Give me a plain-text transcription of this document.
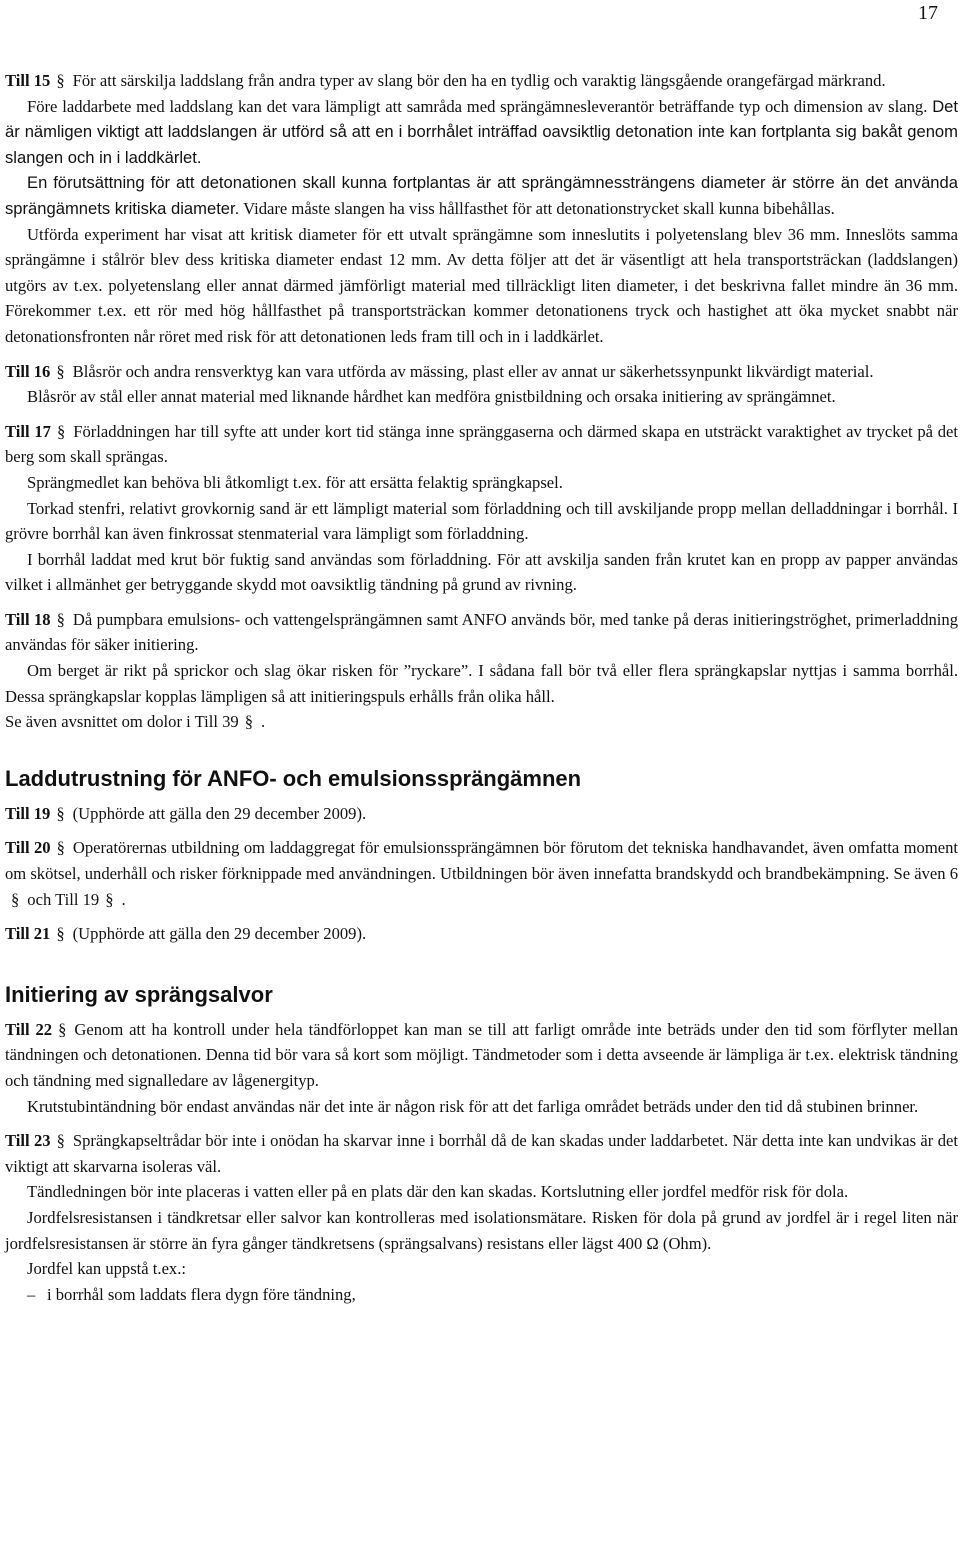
17

Till 15 § För att särskilja laddslang från andra typer av slang bör den ha en tydlig och varaktig längsgående orangefärgad märkrand.

Före laddarbete med laddslang kan det vara lämpligt att samråda med sprängämnesleverantör beträffande typ och dimension av slang. Det är nämligen viktigt att laddslangen är utförd så att en i borrhålet inträffad oavsiktlig detonation inte kan fortplanta sig bakåt genom slangen och in i laddkärlet.

En förutsättning för att detonationen skall kunna fortplantas är att sprängämnessträngens diameter är större än det använda sprängämnets kritiska diameter. Vidare måste slangen ha viss hållfasthet för att detonationstrycket skall kunna bibehållas.

Utförda experiment har visat att kritisk diameter för ett utvalt sprängämne som inneslutits i polyetenslang blev 36 mm. Inneslöts samma sprängämne i stålrör blev dess kritiska diameter endast 12 mm. Av detta följer att det är väsentligt att hela transportsträckan (laddslangen) utgörs av t.ex. polyetenslang eller annat därmed jämförligt material med tillräckligt liten diameter, i det beskrivna fallet mindre än 36 mm. Förekommer t.ex. ett rör med hög hållfasthet på transportsträckan kommer detonationens tryck och hastighet att öka mycket snabbt när detonationsfronten når röret med risk för att detonationen leds fram till och in i laddkärlet.

Till 16 § Blåsrör och andra rensverktyg kan vara utförda av mässing, plast eller av annat ur säkerhetssynpunkt likvärdigt material.

Blåsrör av stål eller annat material med liknande hårdhet kan medföra gnistbildning och orsaka initiering av sprängämnet.

Till 17 § Förladdningen har till syfte att under kort tid stänga inne spränggaserna och därmed skapa en utsträckt varaktighet av trycket på det berg som skall sprängas.

Sprängmedlet kan behöva bli åtkomligt t.ex. för att ersätta felaktig sprängkapsel.

Torkad stenfri, relativt grovkornig sand är ett lämpligt material som förladdning och till avskiljande propp mellan delladdningar i borrhål. I grövre borrhål kan även finkrossat stenmaterial vara lämpligt som förladdning.

I borrhål laddat med krut bör fuktig sand användas som förladdning. För att avskilja sanden från krutet kan en propp av papper användas vilket i allmänhet ger betryggande skydd mot oavsiktlig tändning på grund av rivning.

Till 18 § Då pumpbara emulsions- och vattengelsprängämnen samt ANFO används bör, med tanke på deras initieringströghet, primerladdning användas för säker initiering.

Om berget är rikt på sprickor och slag ökar risken för ”ryckare”. I sådana fall bör två eller flera sprängkapslar nyttjas i samma borrhål. Dessa sprängkapslar kopplas lämpligen så att initieringspuls erhålls från olika håll.

Se även avsnittet om dolor i Till 39 § .

Laddutrustning för ANFO- och emulsionssprängämnen

Till 19 § (Upphörde att gälla den 29 december 2009).

Till 20 § Operatörernas utbildning om laddaggregat för emulsionssprängämnen bör förutom det tekniska handhavandet, även omfatta moment om skötsel, underhåll och risker förknippade med användningen. Utbildningen bör även innefatta brandskydd och brandbekämpning. Se även 6§ och Till 19 § .

Till 21 § (Upphörde att gälla den 29 december 2009).

Initiering av sprängsalvor

Till 22 § Genom att ha kontroll under hela tändförloppet kan man se till att farligt område inte beträds under den tid som förflyter mellan tändningen och detonationen. Denna tid bör vara så kort som möjligt. Tändmetoder som i detta avseende är lämpliga är t.ex. elektrisk tändning och tändning med signalledare av lågenergityp.

Krutstubintändning bör endast användas när det inte är någon risk för att det farliga området beträds under den tid då stubinen brinner.

Till 23 § Sprängkapseltrådar bör inte i onödan ha skarvar inne i borrhål då de kan skadas under laddarbetet. När detta inte kan undvikas är det viktigt att skarvarna isoleras väl.

Tändledningen bör inte placeras i vatten eller på en plats där den kan skadas. Kortslutning eller jordfel medför risk för dola.

Jordfelsresistansen i tändkretsar eller salvor kan kontrolleras med isolationsmätare. Risken för dola på grund av jordfel är i regel liten när jordfelsresistansen är större än fyra gånger tändkretsens (sprängsalvans) resistans eller lägst 400 Ω (Ohm).

Jordfel kan uppstå t.ex.:

– i borrhål som laddats flera dygn före tändning,
